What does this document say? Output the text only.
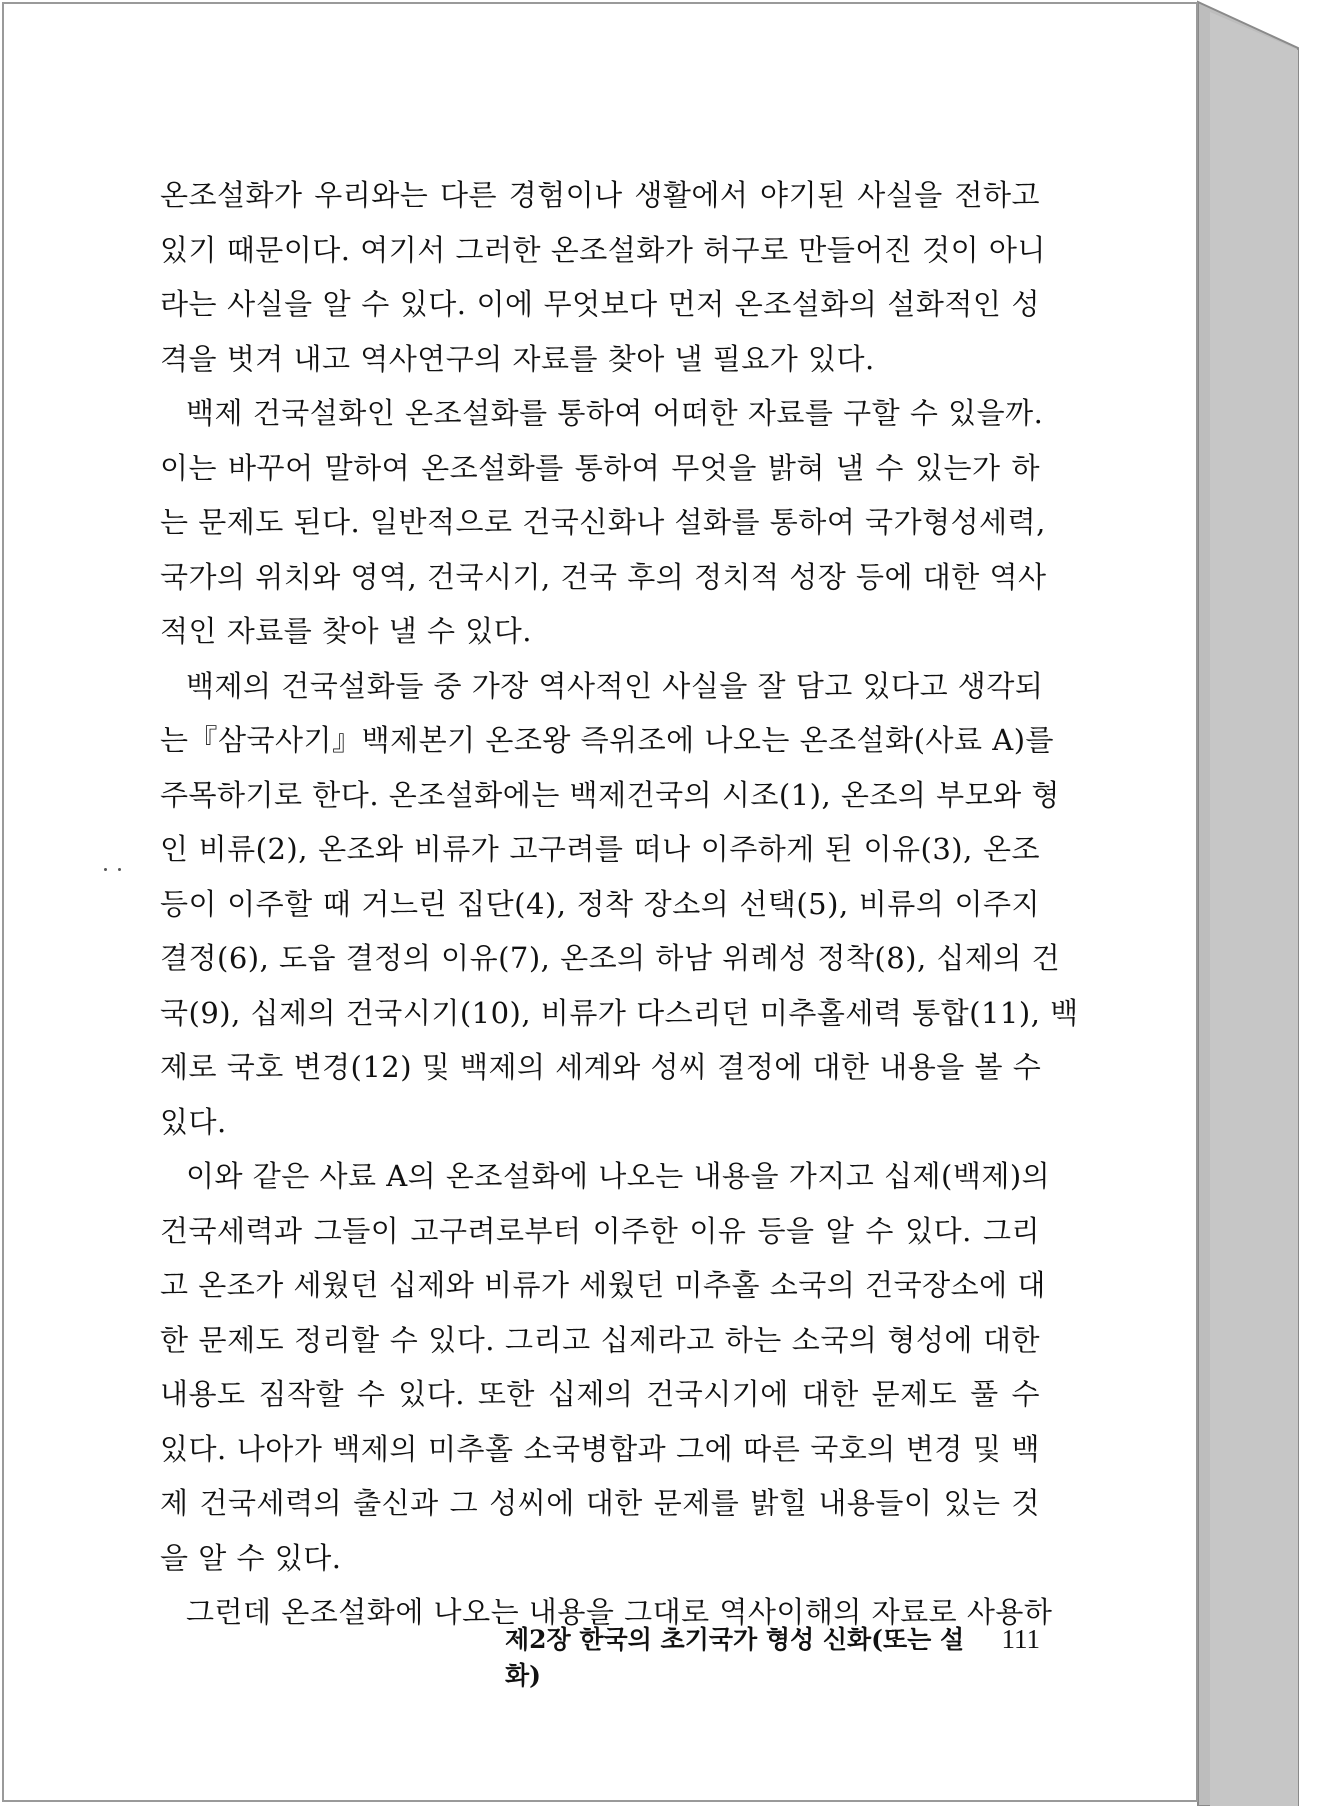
온조설화가 우리와는 다른 경험이나 생활에서 야기된 사실을 전하고
있기 때문이다. 여기서 그러한 온조설화가 허구로 만들어진 것이 아니
라는 사실을 알 수 있다. 이에 무엇보다 먼저 온조설화의 설화적인 성
격을 벗겨 내고 역사연구의 자료를 찾아 낼 필요가 있다.
백제 건국설화인 온조설화를 통하여 어떠한 자료를 구할 수 있을까.
이는 바꾸어 말하여 온조설화를 통하여 무엇을 밝혀 낼 수 있는가 하
는 문제도 된다. 일반적으로 건국신화나 설화를 통하여 국가형성세력,
국가의 위치와 영역, 건국시기, 건국 후의 정치적 성장 등에 대한 역사
적인 자료를 찾아 낼 수 있다.
백제의 건국설화들 중 가장 역사적인 사실을 잘 담고 있다고 생각되
는『삼국사기』백제본기 온조왕 즉위조에 나오는 온조설화(사료 A)를
주목하기로 한다. 온조설화에는 백제건국의 시조(1), 온조의 부모와 형
인 비류(2), 온조와 비류가 고구려를 떠나 이주하게 된 이유(3), 온조
등이 이주할 때 거느린 집단(4), 정착 장소의 선택(5), 비류의 이주지
결정(6), 도읍 결정의 이유(7), 온조의 하남 위례성 정착(8), 십제의 건
국(9), 십제의 건국시기(10), 비류가 다스리던 미추홀세력 통합(11), 백
제로 국호 변경(12) 및 백제의 세계와 성씨 결정에 대한 내용을 볼 수
있다.
이와 같은 사료 A의 온조설화에 나오는 내용을 가지고 십제(백제)의
건국세력과 그들이 고구려로부터 이주한 이유 등을 알 수 있다. 그리
고 온조가 세웠던 십제와 비류가 세웠던 미추홀 소국의 건국장소에 대
한 문제도 정리할 수 있다. 그리고 십제라고 하는 소국의 형성에 대한
내용도 짐작할 수 있다. 또한 십제의 건국시기에 대한 문제도 풀 수
있다. 나아가 백제의 미추홀 소국병합과 그에 따른 국호의 변경 및 백
제 건국세력의 출신과 그 성씨에 대한 문제를 밝힐 내용들이 있는 것
을 알 수 있다.
그런데 온조설화에 나오는 내용을 그대로 역사이해의 자료로 사용하
제2장 한국의 초기국가 형성 신화(또는 설화)
111
